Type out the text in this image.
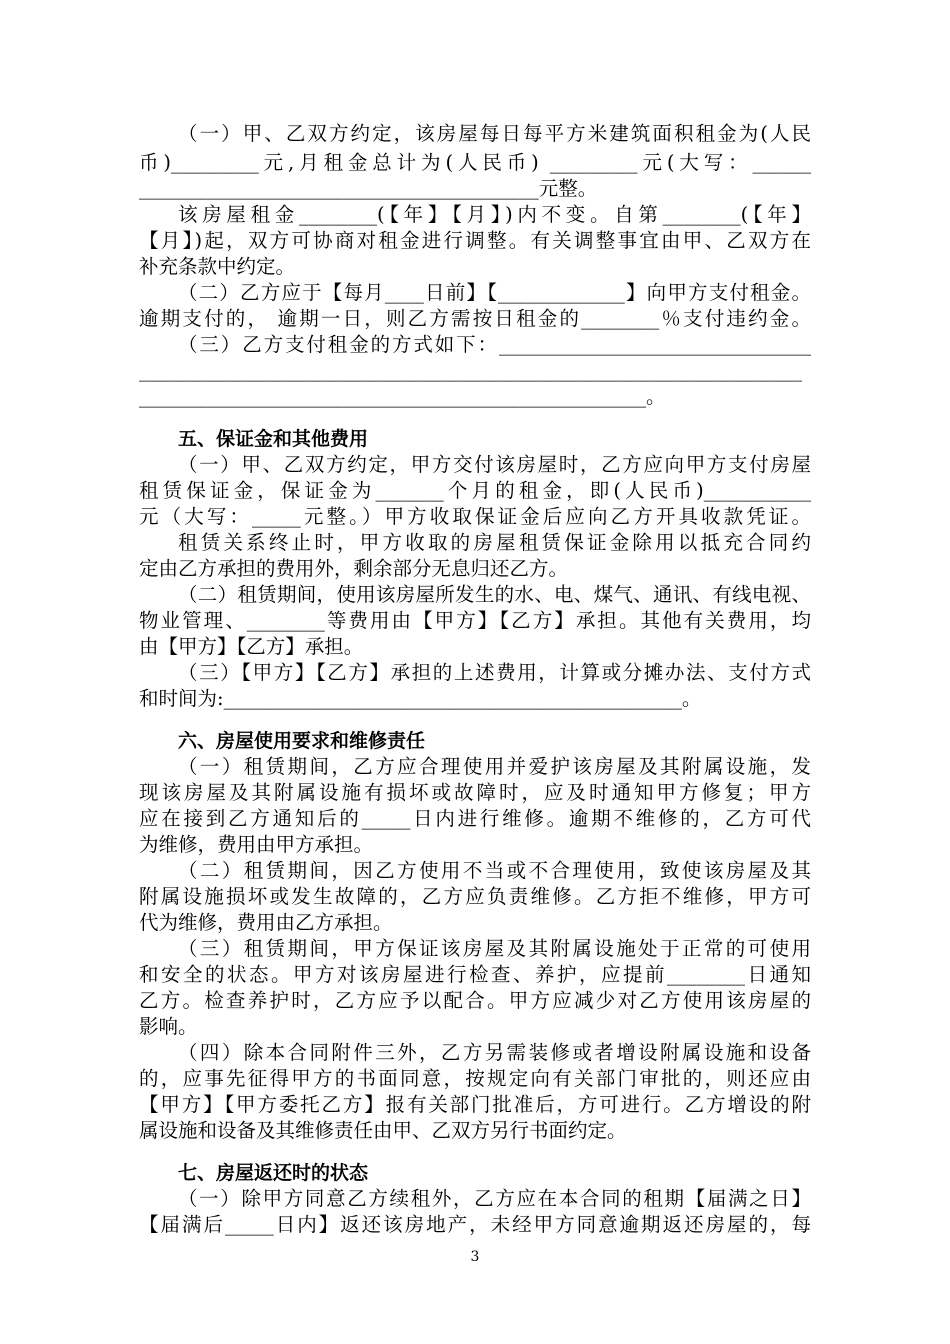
（一）甲、乙双方约定，该房屋每日每平方米建筑面积租金为(人民
币)_________元,月租金总计为(人民币) _________元(大写：______
_________________________________________元整。
该房屋租金________(【年】【月】)内不变。自第________(【年】
【月】)起，双方可协商对租金进行调整。有关调整事宜由甲、乙双方在
补充条款中约定。
（二）乙方应于【每月____日前】【_____________】向甲方支付租金。
逾期支付的， 逾期一日，则乙方需按日租金的________％支付违约金。
（三）乙方支付租金的方式如下：________________________________
____________________________________________________________________
____________________________________________________。
五、保证金和其他费用
（一）甲、乙双方约定，甲方交付该房屋时，乙方应向甲方支付房屋
租赁保证金，保证金为_______个月的租金，即(人民币)___________
元（大写：_____元整。）甲方收取保证金后应向乙方开具收款凭证。
租赁关系终止时，甲方收取的房屋租赁保证金除用以抵充合同约
定由乙方承担的费用外，剩余部分无息归还乙方。
（二）租赁期间，使用该房屋所发生的水、电、煤气、通讯、有线电视、
物业管理、________等费用由【甲方】【乙方】承担。其他有关费用，均
由【甲方】【乙方】承担。
（三）【甲方】【乙方】承担的上述费用，计算或分摊办法、支付方式
和时间为:_______________________________________________。
六、房屋使用要求和维修责任
（一）租赁期间，乙方应合理使用并爱护该房屋及其附属设施，发
现该房屋及其附属设施有损坏或故障时，应及时通知甲方修复；甲方
应在接到乙方通知后的_____日内进行维修。逾期不维修的，乙方可代
为维修，费用由甲方承担。
（二）租赁期间，因乙方使用不当或不合理使用，致使该房屋及其
附属设施损坏或发生故障的，乙方应负责维修。乙方拒不维修，甲方可
代为维修，费用由乙方承担。
（三）租赁期间，甲方保证该房屋及其附属设施处于正常的可使用
和安全的状态。甲方对该房屋进行检查、养护，应提前________日通知
乙方。检查养护时，乙方应予以配合。甲方应减少对乙方使用该房屋的
影响。
（四）除本合同附件三外，乙方另需装修或者增设附属设施和设备
的，应事先征得甲方的书面同意，按规定向有关部门审批的，则还应由
【甲方】【甲方委托乙方】报有关部门批准后，方可进行。乙方增设的附
属设施和设备及其维修责任由甲、乙双方另行书面约定。
七、房屋返还时的状态
（一）除甲方同意乙方续租外，乙方应在本合同的租期【届满之日】
【届满后_____日内】返还该房地产，未经甲方同意逾期返还房屋的，每
3
